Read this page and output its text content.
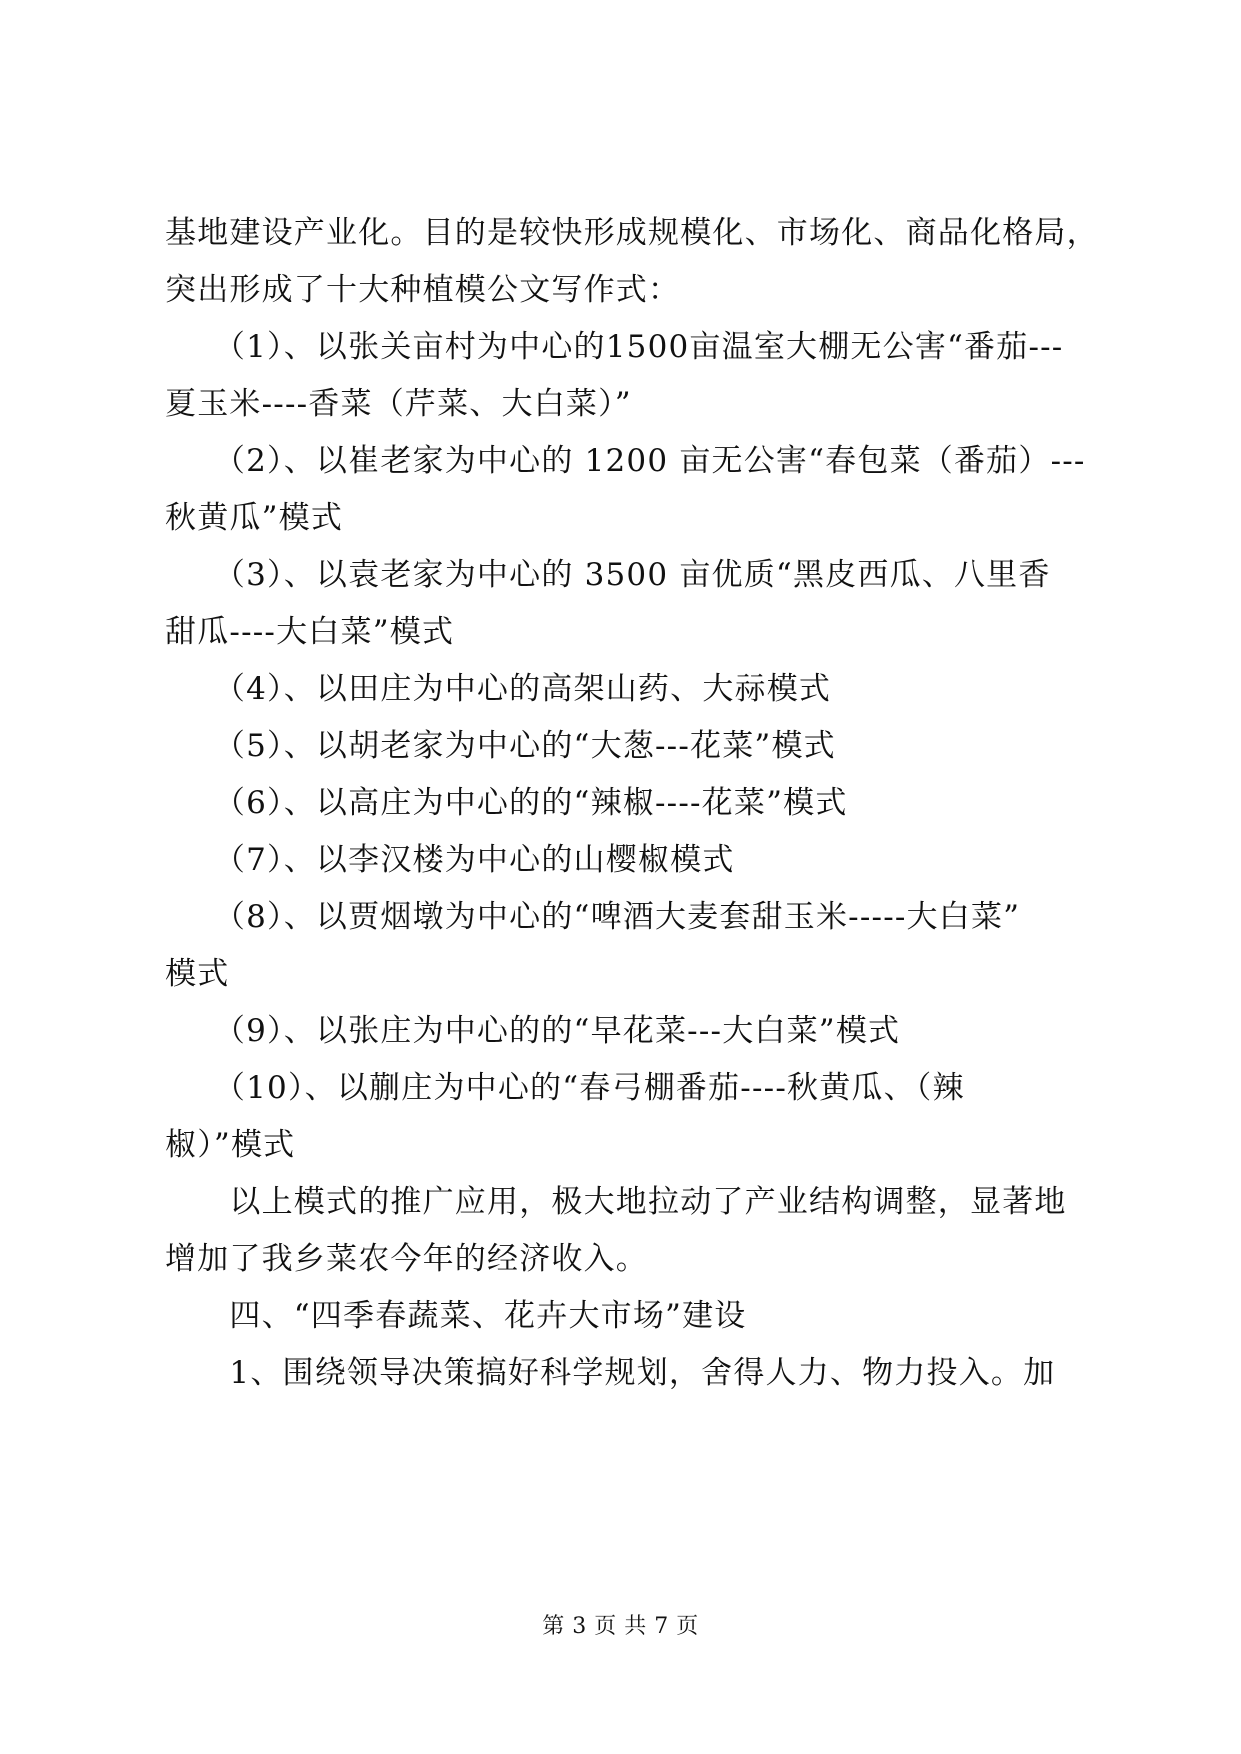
基地建设产业化。目的是较快形成规模化、市场化、商品化格局，
突出形成了十大种植模公文写作式：
　　（1）、以张关亩村为中心的1500亩温室大棚无公害“番茄---
夏玉米----香菜（芹菜、大白菜）”
　　（2）、以崔老家为中心的 1200 亩无公害“春包菜（番茄）---
秋黄瓜”模式
　　（3）、以袁老家为中心的 3500 亩优质“黑皮西瓜、八里香
甜瓜----大白菜”模式
　　（4）、以田庄为中心的高架山药、大祘模式
　　（5）、以胡老家为中心的“大葱---花菜”模式
　　（6）、以高庄为中心的的“辣椒----花菜”模式
　　（7）、以李汉楼为中心的山樱椒模式
　　（8）、以贾烟墩为中心的“啤酒大麦套甜玉米-----大白菜”
模式
　　（9）、以张庄为中心的的“早花菜---大白菜”模式
　　（10）、以蒯庄为中心的“春弓棚番茄----秋黄瓜、（辣
椒）”模式
　　以上模式的推广应用，极大地拉动了产业结构调整，显著地
增加了我乡菜农今年的经济收入。
　　四、“四季春蔬菜、花卉大市场”建设
　　1、围绕领导决策搞好科学规划，舍得人力、物力投入。加
第 3 页 共 7 页
